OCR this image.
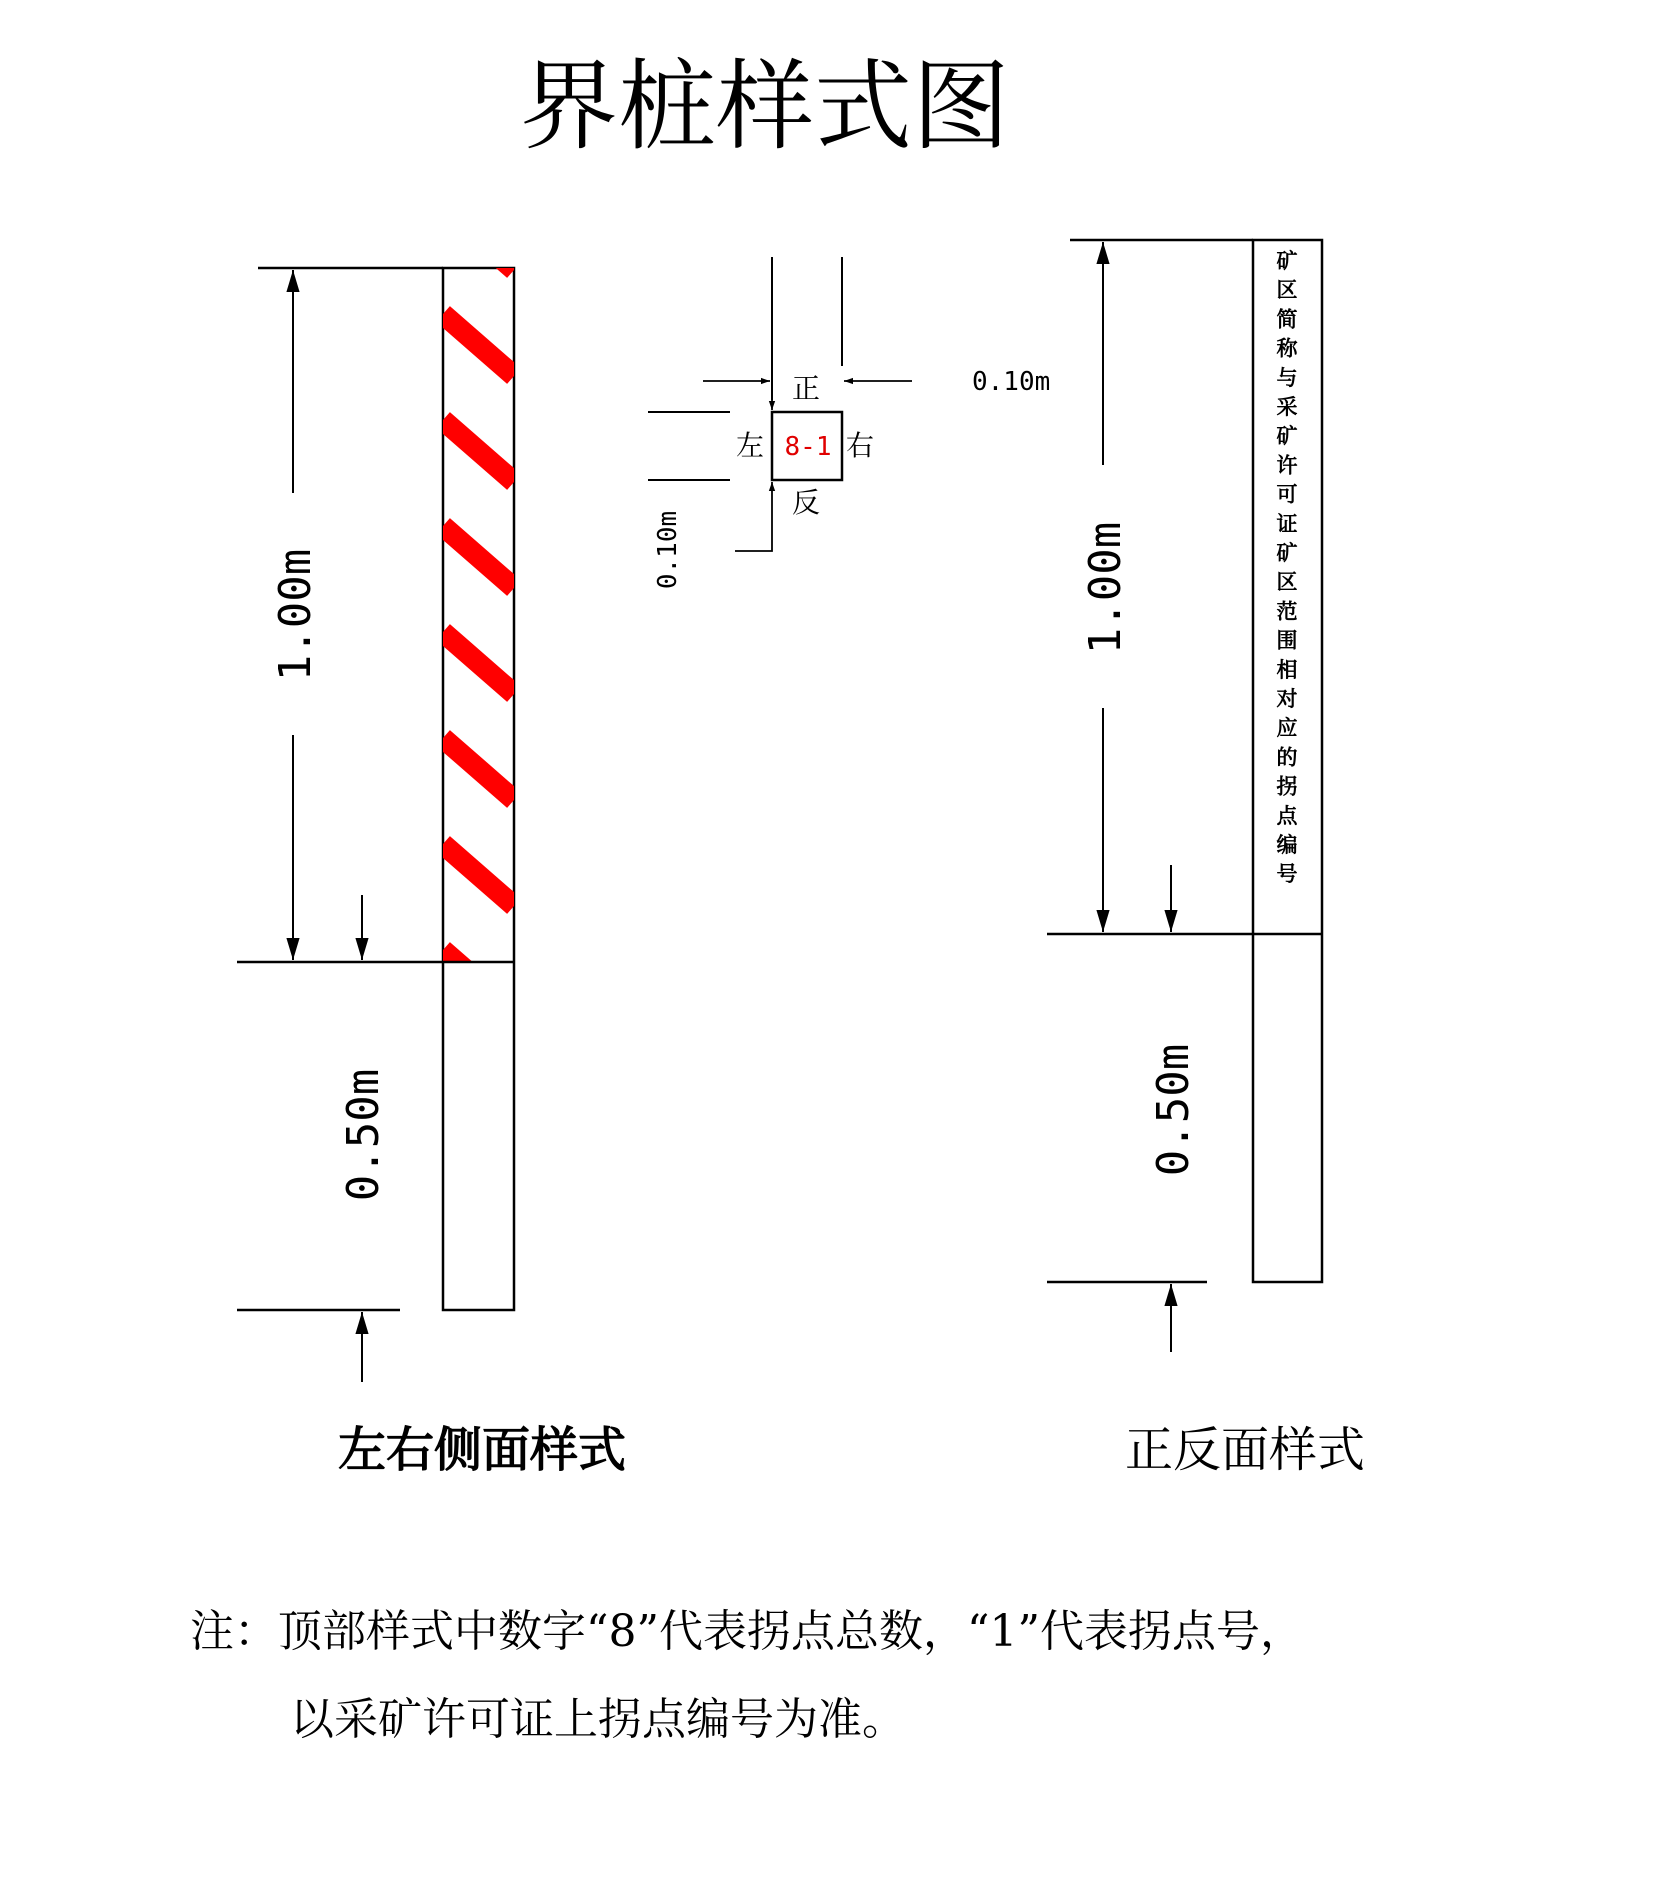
界桩样式图
1.00m
0.50m
8-1
正
反
左	右
0.10m
0.10m	1.00m
0.50m
矿区简称与采矿许可证矿区范围相对应的拐点编号
左右侧面样式	正反面样式
注：顶部样式中数字“8”代表拐点总数，“1”代表拐点号，
以采矿许可证上拐点编号为准。
